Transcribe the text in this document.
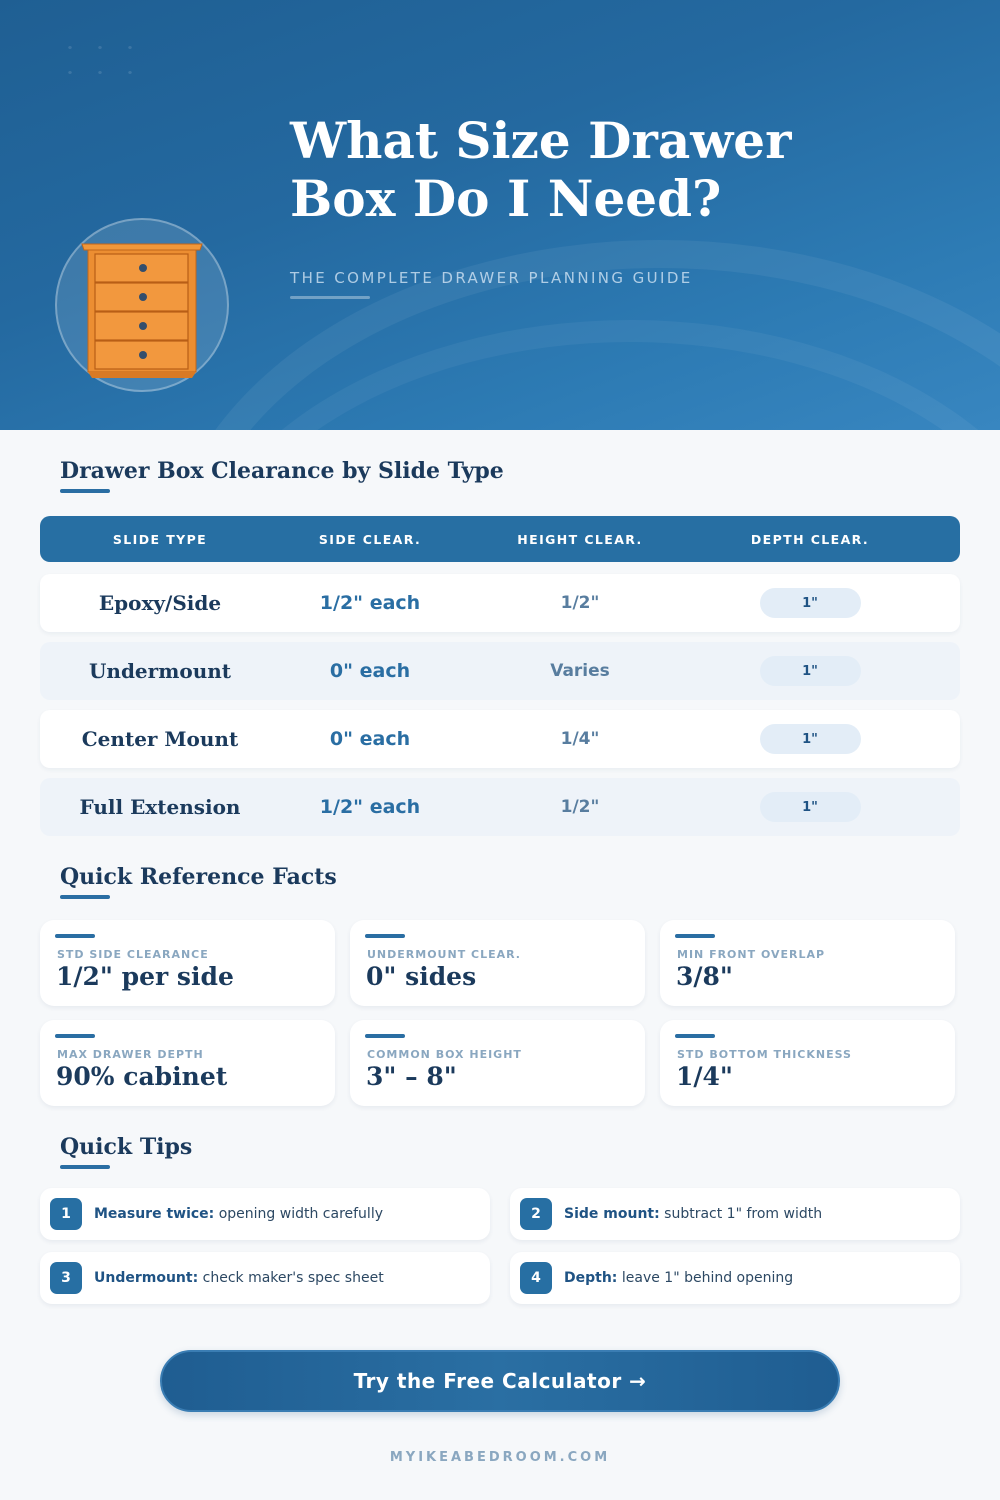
What Size Drawer
Box Do I Need?
THE COMPLETE DRAWER PLANNING GUIDE
Drawer Box Clearance by Slide Type
SLIDE TYPE	SIDE CLEAR.	HEIGHT CLEAR.	DEPTH CLEAR.
Epoxy/Side	1/2" each	1/2"	1"
Undermount	0" each	Varies	1"
Center Mount	0" each	1/4"	1"
Full Extension	1/2" each	1/2"	1"
Quick Reference Facts
STD SIDE CLEARANCE
1/2" per side
UNDERMOUNT CLEAR.
0" sides
MIN FRONT OVERLAP
3/8"
MAX DRAWER DEPTH
90% cabinet
COMMON BOX HEIGHT
3" – 8"
STD BOTTOM THICKNESS
1/4"
Quick Tips
1	Measure twice: opening width carefully	2	Side mount: subtract 1" from width
3	Undermount: check maker's spec sheet	4	Depth: leave 1" behind opening
Try the Free Calculator →
MYIKEABEDROOM.COM
